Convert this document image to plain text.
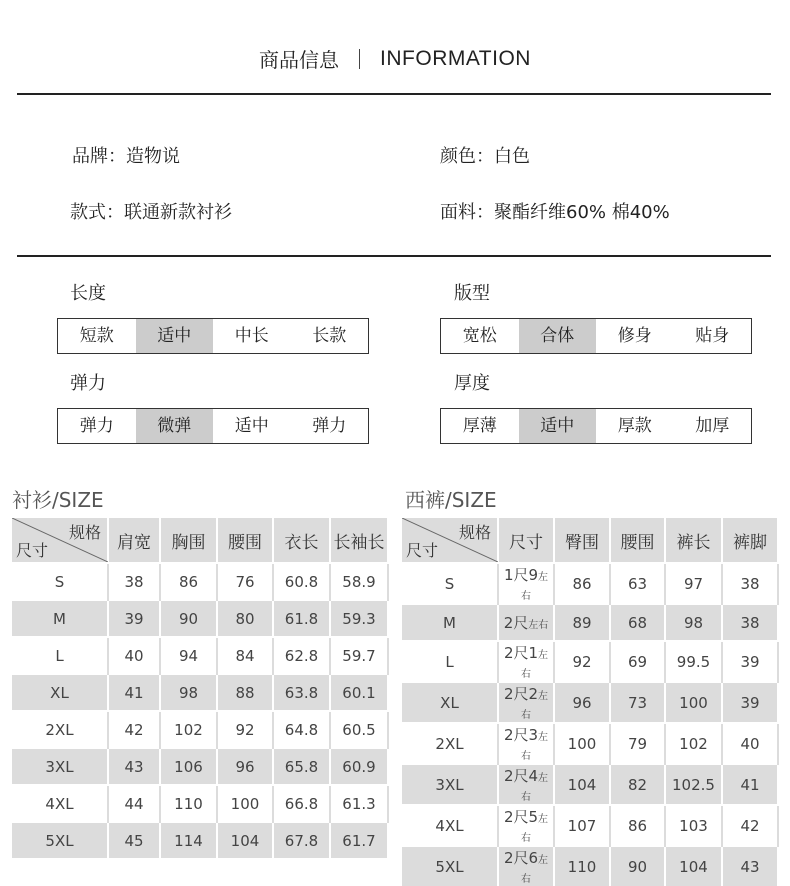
商品信息 INFORMATION
品牌：造物说	颜色：白色
款式：联通新款衬衫	面料：聚酯纤维60% 棉40%
长度
短款	适中	中长	长款
版型
宽松	合体	修身	贴身
弹力
弹力	微弹	适中	弹力
厚度
厚薄	适中	厚款	加厚
衬衫/SIZE	西裤/SIZE
规格
尺寸	肩宽	胸围	腰围	衣长	长袖长
S	38	86	76	60.8	58.9
M	39	90	80	61.8	59.3
L	40	94	84	62.8	59.7
XL	41	98	88	63.8	60.1
2XL	42	102	92	64.8	60.5
3XL	43	106	96	65.8	60.9
4XL	44	110	100	66.8	61.3
5XL	45	114	104	67.8	61.7
规格
尺寸	尺寸	臀围	腰围	裤长	裤脚
S	1尺9左右	86	63	97	38
M	2尺左右	89	68	98	38
L	2尺1左右	92	69	99.5	39
XL	2尺2左右	96	73	100	39
2XL	2尺3左右	100	79	102	40
3XL	2尺4左右	104	82	102.5	41
4XL	2尺5左右	107	86	103	42
5XL	2尺6左右	110	90	104	43
